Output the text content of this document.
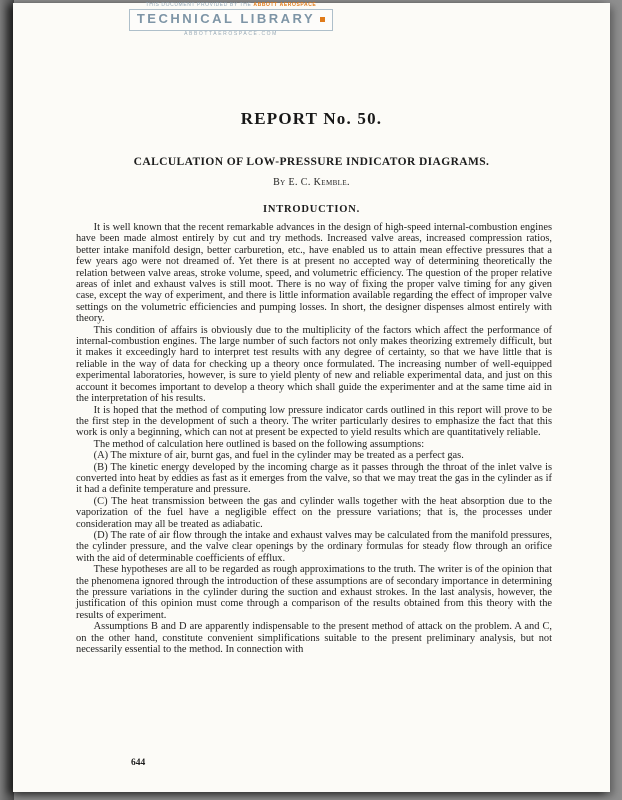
REPORT No. 50.
CALCULATION OF LOW-PRESSURE INDICATOR DIAGRAMS.
By E. C. Kemble.
INTRODUCTION.

It is well known that the recent remarkable advances in the design of high-speed internal-combustion engines have been made almost entirely by cut and try methods. Increased valve areas, increased compression ratios, better intake manifold design, better carburetion, etc., have enabled us to attain mean effective pressures that a few years ago were not dreamed of. Yet there is at present no accepted way of determining theoretically the relation between valve areas, stroke volume, speed, and volumetric efficiency. The question of the proper relative areas of inlet and exhaust valves is still moot. There is no way of fixing the proper valve timing for any given case, except the way of experiment, and there is little information available regarding the effect of improper valve settings on the volumetric efficiencies and pumping losses. In short, the designer dispenses almost entirely with theory.

This condition of affairs is obviously due to the multiplicity of the factors which affect the performance of internal-combustion engines. The large number of such factors not only makes theorizing extremely difficult, but it makes it exceedingly hard to interpret test results with any degree of certainty, so that we have little that is reliable in the way of data for checking up a theory once formulated. The increasing number of well-equipped experimental laboratories, however, is sure to yield plenty of new and reliable experimental data, and just on this account it becomes important to develop a theory which shall guide the experimenter and at the same time aid in the interpretation of his results.

It is hoped that the method of computing low pressure indicator cards outlined in this report will prove to be the first step in the development of such a theory. The writer particularly desires to emphasize the fact that this work is only a beginning, which can not at present be expected to yield results which are quantitatively reliable.

The method of calculation here outlined is based on the following assumptions:

(A) The mixture of air, burnt gas, and fuel in the cylinder may be treated as a perfect gas.

(B) The kinetic energy developed by the incoming charge as it passes through the throat of the inlet valve is converted into heat by eddies as fast as it emerges from the valve, so that we may treat the gas in the cylinder as if it had a definite temperature and pressure.

(C) The heat transmission between the gas and cylinder walls together with the heat absorption due to the vaporization of the fuel have a negligible effect on the pressure variations; that is, the processes under consideration may all be treated as adiabatic.

(D) The rate of air flow through the intake and exhaust valves may be calculated from the manifold pressures, the cylinder pressure, and the valve clear openings by the ordinary formulas for steady flow through an orifice with the aid of determinable coefficients of efflux.

These hypotheses are all to be regarded as rough approximations to the truth. The writer is of the opinion that the phenomena ignored through the introduction of these assumptions are of secondary importance in determining the pressure variations in the cylinder during the suction and exhaust strokes. In the last analysis, however, the justification of this opinion must come through a comparison of the results obtained from this theory with the results of experiment.

Assumptions B and D are apparently indispensable to the present method of attack on the problem. A and C, on the other hand, constitute convenient simplifications suitable to the present preliminary analysis, but not necessarily essential to the method. In connection with

644
THIS DOCUMENT PROVIDED BY THE ABBOTT AEROSPACE
TECHNICAL LIBRARY
ABBOTTAEROSPACE.COM
